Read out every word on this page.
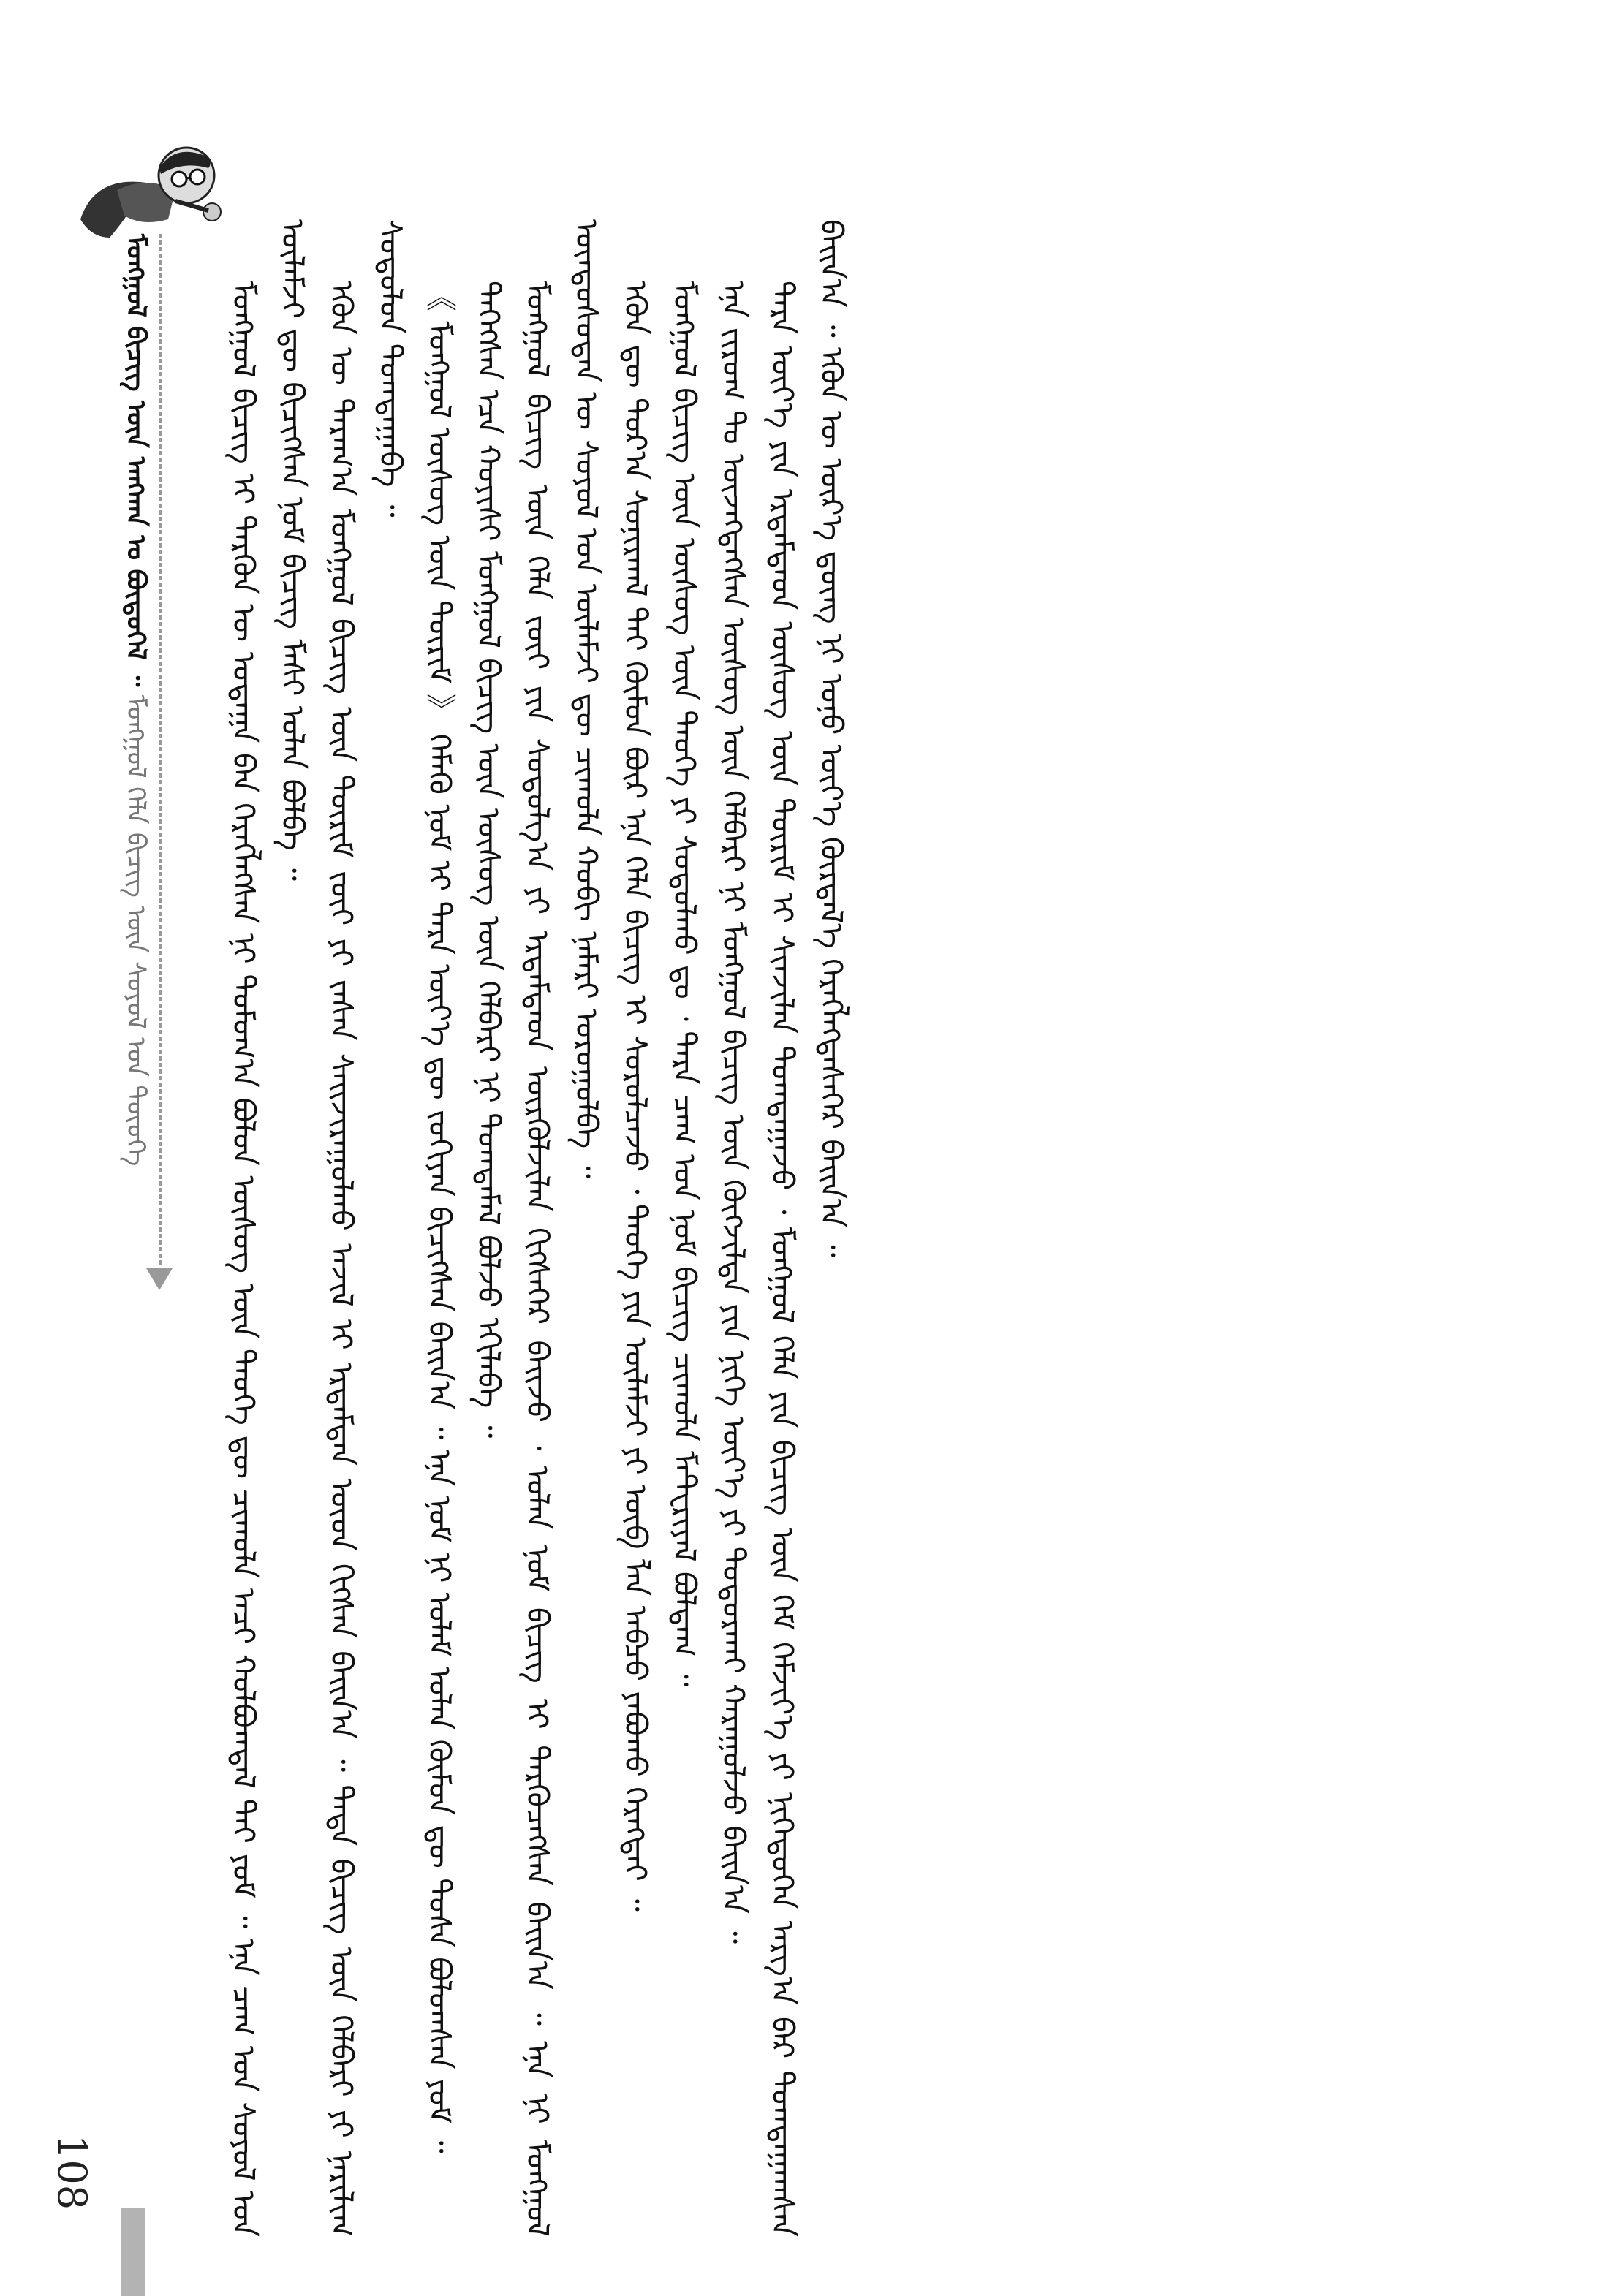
ᠮᠣᠩᠭᠣᠯ ᠪᠢᠴᠢᠭ᠌ ᠦᠨ ᠠᠩᠬᠠᠨ ᠤ ᠪᠦᠲᠦᠭᠡᠯ ᠃ ᠮᠣᠩᠭᠣᠯ ᠬᠡᠯᠡ ᠪᠢᠴᠢᠭ᠌ ᠦᠨ ᠰᠣᠶᠣᠯ ᠤᠨ ᠲᠦᠦᠬᠡ	ᠮᠣᠩᠭᠣᠯ ᠪᠢᠴᠢᠭ᠌ ᠢ ᠲᠡᠷᠭᠦᠨ ᠦ ᠤᠳᠠᠭᠠ ᠪᠠᠨ ᠬᠡᠷᠡᠭᠯᠡᠭᠰᠡᠨ ᠨᠢ ᠲᠣᠮᠣᠭ᠎ᠠ ᠪᠣᠯᠤᠨ ᠦᠰᠦᠭ ᠦᠨ ᠲᠡᠦᠬᠡ ᠳᠦ ᠴᠢᠬᠤᠯᠠ ᠠᠴᠢ ᠬᠣᠯᠪᠣᠭᠳᠠᠯ ᠲᠠᠢ ᠶᠤᠮ ᠃ ᠡᠨᠡ ᠴᠠᠭ ᠤᠨ ᠰᠣᠶᠣᠯ ᠤᠨ ᠦᠯᠡᠮᠵᠢ ᠳᠦ ᠪᠢᠴᠢᠭᠰᠡᠨ ᠨᠣᠮ ᠪᠢᠴᠢᠭ ᠮᠠᠰᠢ ᠣᠯᠠᠨ ᠪᠣᠯᠪᠠ ᠃ ᠡᠭᠦᠨ ᠦ ᠳᠠᠷᠠᠭ᠎ᠠ ᠮᠣᠩᠭᠣᠯ ᠪᠢᠴᠢᠭ᠌ ᠦᠨ ᠳᠦᠷᠢᠮ ᠵᠦᠢ ᠶᠢ ᠵᠠᠰᠠᠨ ᠰᠠᠢᠵᠢᠷᠠᠭᠤᠯᠬᠤ ᠠᠵᠢᠯ ᠢ ᠡᠷᠳᠡᠮᠲᠡᠨ ᠦᠳ ᠬᠢᠭᠰᠡᠨ ᠪᠠᠢᠨ᠎ᠠ ᠃ ᠲᠡᠳᠡ ᠪᠢᠴᠢᠭ᠌ ᠦᠨ ᠬᠡᠯᠪᠡᠷᠢ ᠶᠢ ᠨᠠᠷᠢᠯᠢᠭ ᠰᠤᠳᠤᠯᠤᠨ ᠲᠣᠭᠲᠠᠭᠠᠪᠠ ᠃ 《 ᠮᠣᠩᠭᠣᠯ ᠦᠰᠦᠭ ᠦᠨ ᠳᠦᠷᠢᠮ 》 ᠬᠡᠮᠡᠬᠦ ᠨᠣᠮ ᠢ ᠲᠡᠷᠡ ᠦᠶ᠎ᠡ ᠳᠦ ᠵᠣᠬᠢᠶᠠᠨ ᠪᠢᠴᠢᠭᠰᠡᠨ ᠪᠠᠢᠨ᠎ᠠ ᠃ ᠡᠨᠡ ᠨᠣᠮ ᠨᠢ ᠤᠯᠠᠮ ᠣᠯᠠᠨ ᠬᠦᠮᠦᠨ ᠳᠦ ᠲᠤᠰᠠ ᠪᠣᠯᠤᠭᠰᠠᠨ ᠶᠤᠮ ᠃ ᠲᠡᠭᠡᠭᠰᠡᠨ ᠡᠴᠡ ᠬᠣᠶᠢᠰᠢ ᠮᠣᠩᠭᠣᠯ ᠪᠢᠴᠢᠭ᠌ ᠦᠨ ᠦᠰᠦᠭ ᠦᠨ ᠬᠡᠯᠪᠡᠷᠢ ᠨᠢ ᠲᠣᠭᠲᠠᠮᠠᠯ ᠪᠣᠯᠵᠤ ᠡᠬᠢᠯᠡᠪᠡ ᠃ ᠮᠣᠩᠭᠣᠯ ᠪᠢᠴᠢᠭ᠌ ᠦᠨ ᠬᠡᠯᠡ ᠵᠦᠢ ᠶᠢᠨ ᠰᠤᠳᠤᠯᠭ᠎ᠠ ᠶᠢ ᠡᠷᠳᠡᠮᠲᠡᠳ ᠦᠷᠭᠦᠯᠵᠢᠯᠡᠨ ᠬᠢᠭᠰᠡᠭᠡᠷ ᠪᠠᠢᠵᠤ ᠂ ᠣᠯᠠᠨ ᠨᠣᠮ ᠪᠢᠴᠢᠭ ᠢ ᠲᠡᠷᠭᠦᠴᠡᠭᠰᠡᠨ ᠪᠠᠢᠨ᠎ᠠ ᠃ ᠡᠨᠡ ᠨᠢ ᠮᠣᠩᠭᠣᠯ ᠦᠨᠳᠦᠰᠦᠲᠡᠨ ᠦ ᠰᠣᠶᠣᠯ ᠤᠨ ᠦᠯᠡᠮᠵᠢ ᠳᠦ ᠴᠢᠬᠤᠯᠠ ᠬᠤᠪᠢ ᠨᠡᠮᠡᠷᠢ ᠣᠷᠣᠭᠤᠯᠪᠠ ᠃ ᠡᠭᠦᠨ ᠳᠦ ᠳᠤᠷ᠎ᠠ ᠰᠣᠨᠢᠷᠬᠠᠯ ᠲᠠᠢ ᠬᠦᠮᠦᠨ ᠪᠦᠷ ᠡᠨᠡ ᠬᠡᠯᠡ ᠪᠢᠴᠢᠭ᠌ ᠢ ᠰᠤᠷᠤᠯᠴᠠᠵᠤ ᠂ ᠲᠡᠦᠬᠡ ᠶᠢᠨ ᠦᠯᠡᠮᠵᠢ ᠶᠢ ᠦᠪ ᠯᠡᠨ ᠠᠪᠴᠤ ᠶᠠᠪᠤᠬᠤ ᠬᠡᠷᠡᠭᠲᠡᠢ ᠃ ᠮᠣᠩᠭᠣᠯ ᠪᠢᠴᠢᠭ᠌ ᠦᠨ ᠦᠰᠦᠭ ᠦᠨ ᠲᠡᠦᠬᠡ ᠶᠢ ᠰᠤᠳᠤᠯᠬᠤ ᠳᠤ ᠂ ᠲᠡᠷᠡ ᠴᠠᠭ ᠤᠨ ᠨᠣᠮ ᠪᠢᠴᠢᠭ ᠴᠢᠬᠤᠯᠠ ᠮᠠᠲᠸᠷᠢᠶᠠᠯ ᠪᠣᠯᠳᠠᠭ ᠃ ᠡᠨᠡ ᠵᠢᠷᠤᠭ ᠲᠤ ᠦᠵᠡᠭᠳᠡᠭᠰᠡᠨ ᠦᠰᠦᠭ ᠦᠨ ᠬᠡᠯᠪᠡᠷᠢ ᠨᠢ ᠮᠣᠩᠭᠣᠯ ᠪᠢᠴᠢᠭ᠌ ᠦᠨ ᠬᠦᠭᠵᠢᠯᠲᠡ ᠶᠢᠨ ᠨᠢᠭᠡ ᠦᠶ᠎ᠡ ᠶᠢ ᠲᠣᠳᠣᠷᠬᠠᠢ ᠬᠠᠷᠠᠭᠤᠯᠵᠤ ᠪᠠᠢᠨ᠎ᠠ ᠃ ᠲᠡᠷᠡ ᠦᠶ᠎ᠡ ᠶᠢᠨ ᠡᠷᠳᠡᠮᠲᠡᠳ ᠦᠰᠦᠭ ᠦᠨ ᠳᠦᠷᠢᠮ ᠢ ᠰᠢᠨᠵᠢᠯᠡᠨ ᠲᠣᠭᠲᠠᠭᠠᠵᠤ ᠂ ᠮᠣᠩᠭᠣᠯ ᠬᠡᠯᠡ ᠶᠢᠨ ᠪᠢᠴᠢᠭ᠌ ᠦᠨ ᠬᠡᠮ ᠬᠡᠮᠵᠢᠶ᠎ᠡ ᠶᠢ ᠨᠢᠭᠡᠳᠦᠭᠡᠨ ᠠᠷᠭ᠎ᠠ ᠪᠠᠷ ᠲᠣᠭᠲᠠᠭᠠᠭᠰᠠᠨ ᠪᠠᠢᠨ᠎ᠠ ᠃ ᠡᠭᠦᠨ ᠦ ᠦᠷ᠎ᠡ ᠳ᠋ᠦᠩ ᠨᠢ ᠣᠨᠣ ᠦᠶ᠎ᠡ ᠬᠦᠷᠲᠡᠯ᠎ᠡ ᠬᠡᠷᠡᠭᠯᠡᠭᠳᠡᠰᠡᠭᠡᠷ ᠪᠠᠢᠨ᠎ᠠ ᠃

108
